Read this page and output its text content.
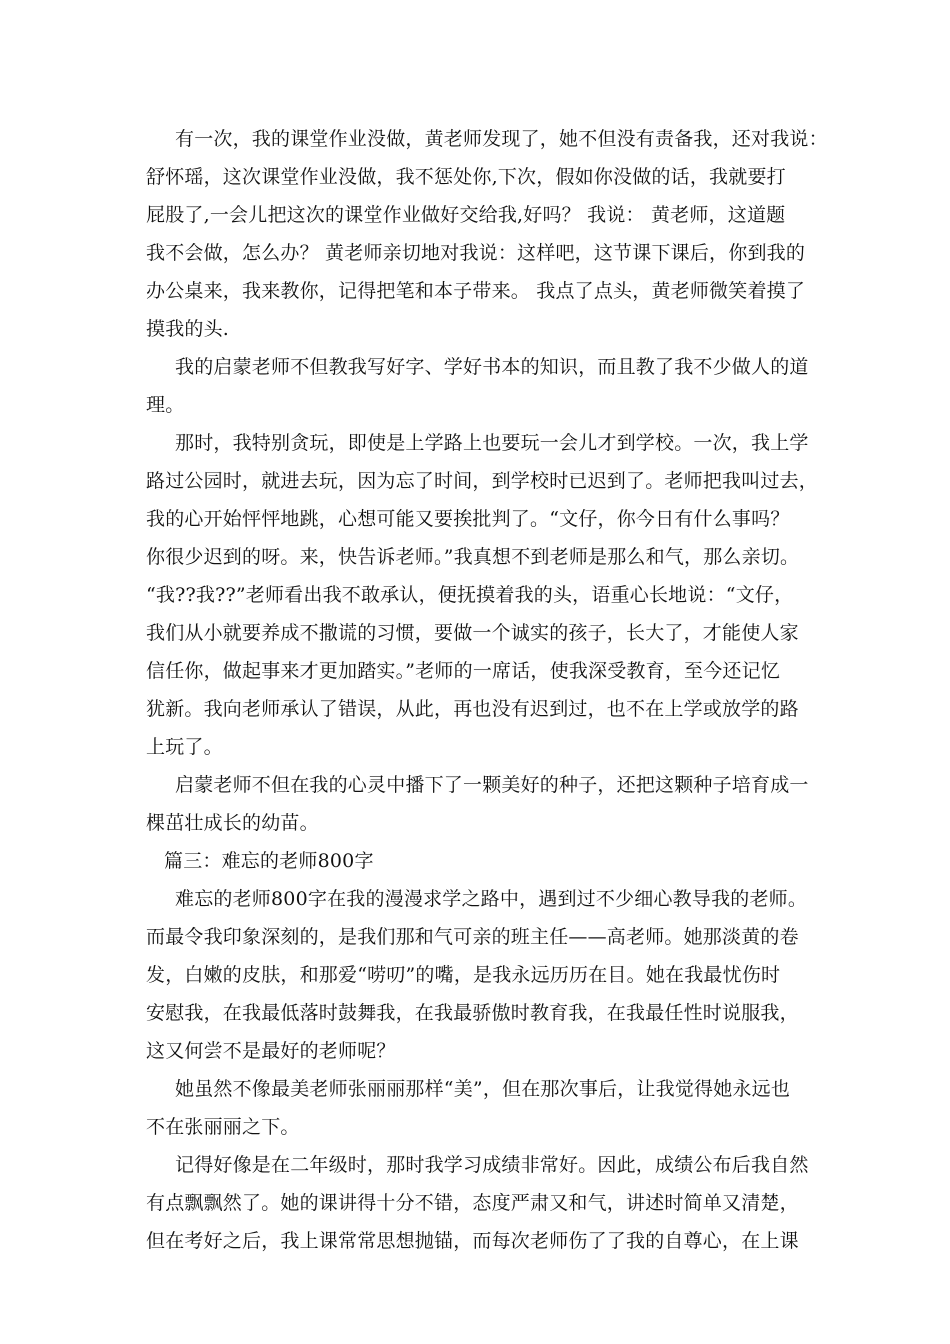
有一次，我的课堂作业没做，黄老师发现了，她不但没有责备我，还对我说：
舒怀瑶，这次课堂作业没做，我不惩处你,下次，假如你没做的话，我就要打
屁股了,一会儿把这次的课堂作业做好交给我,好吗？ 我说： 黄老师，这道题
我不会做，怎么办？ 黄老师亲切地对我说：这样吧，这节课下课后，你到我的
办公桌来，我来教你，记得把笔和本子带来。 我点了点头，黄老师微笑着摸了
摸我的头.
我的启蒙老师不但教我写好字、学好书本的知识，而且教了我不少做人的道
理。
那时，我特别贪玩，即使是上学路上也要玩一会儿才到学校。一次，我上学
路过公园时，就进去玩，因为忘了时间，到学校时已迟到了。老师把我叫过去，
我的心开始怦怦地跳，心想可能又要挨批判了。“文仔，你今日有什么事吗？
你很少迟到的呀。来，快告诉老师。”我真想不到老师是那么和气，那么亲切。
“我??我??”老师看出我不敢承认，便抚摸着我的头，语重心长地说：“文仔，
我们从小就要养成不撒谎的习惯，要做一个诚实的孩子，长大了，才能使人家
信任你，做起事来才更加踏实。”老师的一席话，使我深受教育，至今还记忆
犹新。我向老师承认了错误，从此，再也没有迟到过，也不在上学或放学的路
上玩了。
启蒙老师不但在我的心灵中播下了一颗美好的种子，还把这颗种子培育成一
棵茁壮成长的幼苗。
篇三：难忘的老师800字
难忘的老师800字在我的漫漫求学之路中，遇到过不少细心教导我的老师。
而最令我印象深刻的，是我们那和气可亲的班主任——高老师。她那淡黄的卷
发，白嫩的皮肤，和那爱“唠叨”的嘴，是我永远历历在目。她在我最忧伤时
安慰我，在我最低落时鼓舞我，在我最骄傲时教育我，在我最任性时说服我，
这又何尝不是最好的老师呢？
她虽然不像最美老师张丽丽那样“美”，但在那次事后，让我觉得她永远也
不在张丽丽之下。
记得好像是在二年级时，那时我学习成绩非常好。因此，成绩公布后我自然
有点飘飘然了。她的课讲得十分不错，态度严肃又和气，讲述时简单又清楚，
但在考好之后，我上课常常思想抛锚，而每次老师伤了了我的自尊心，在上课
